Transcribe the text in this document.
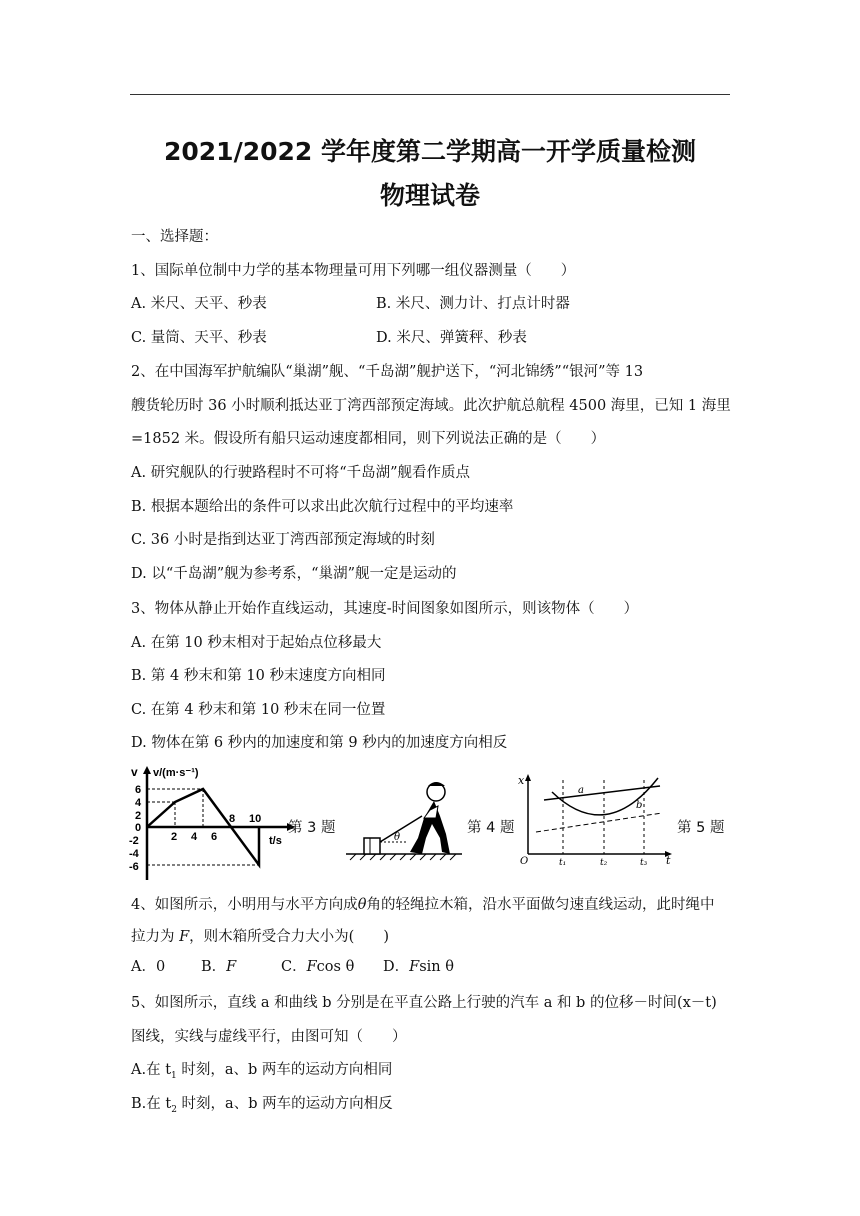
2021/2022 学年度第二学期高一开学质量检测
物理试卷
一、选择题：
1、国际单位制中力学的基本物理量可用下列哪一组仪器测量（　　）
A. 米尺、天平、秒表	B. 米尺、测力计、打点计时器
C. 量筒、天平、秒表	D. 米尺、弹簧秤、秒表
2、在中国海军护航编队“巢湖”舰、“千岛湖”舰护送下，“河北锦绣”“银河”等 13
艘货轮历时 36 小时顺利抵达亚丁湾西部预定海域。此次护航总航程 4500 海里，已知 1 海里
=1852 米。假设所有船只运动速度都相同，则下列说法正确的是（　　）
A. 研究舰队的行驶路程时不可将“千岛湖”舰看作质点
B. 根据本题给出的条件可以求出此次航行过程中的平均速率
C. 36 小时是指到达亚丁湾西部预定海域的时刻
D. 以“千岛湖”舰为参考系，“巢湖”舰一定是运动的
3、物体从静止开始作直线运动，其速度-时间图象如图所示，则该物体（　　）
A. 在第 10 秒末相对于起始点位移最大
B. 第 4 秒末和第 10 秒末速度方向相同
C. 在第 4 秒末和第 10 秒末在同一位置
D. 物体在第 6 秒内的加速度和第 9 秒内的加速度方向相反
v v/(m·s⁻¹)
t/s
6
4
2
0
-2
-4
-6
2 4 6
8 10
第 3 题
θ
第 4 题
x
t
O
a
b
t₁	t₂	t₃
第 5 题
4、如图所示，小明用与水平方向成θ角的轻绳拉木箱，沿水平面做匀速直线运动，此时绳中
拉力为 F，则木箱所受合力大小为(　　)
A．0 B．F	C．Fcos θ D．Fsin θ
5、如图所示，直线 a 和曲线 b 分别是在平直公路上行驶的汽车 a 和 b 的位移－时间(x－t)
图线，实线与虚线平行，由图可知（　　）
A.在 $t_1$ 时刻，a、b 两车的运动方向相同
B.在 $t_2$ 时刻，a、b 两车的运动方向相反
